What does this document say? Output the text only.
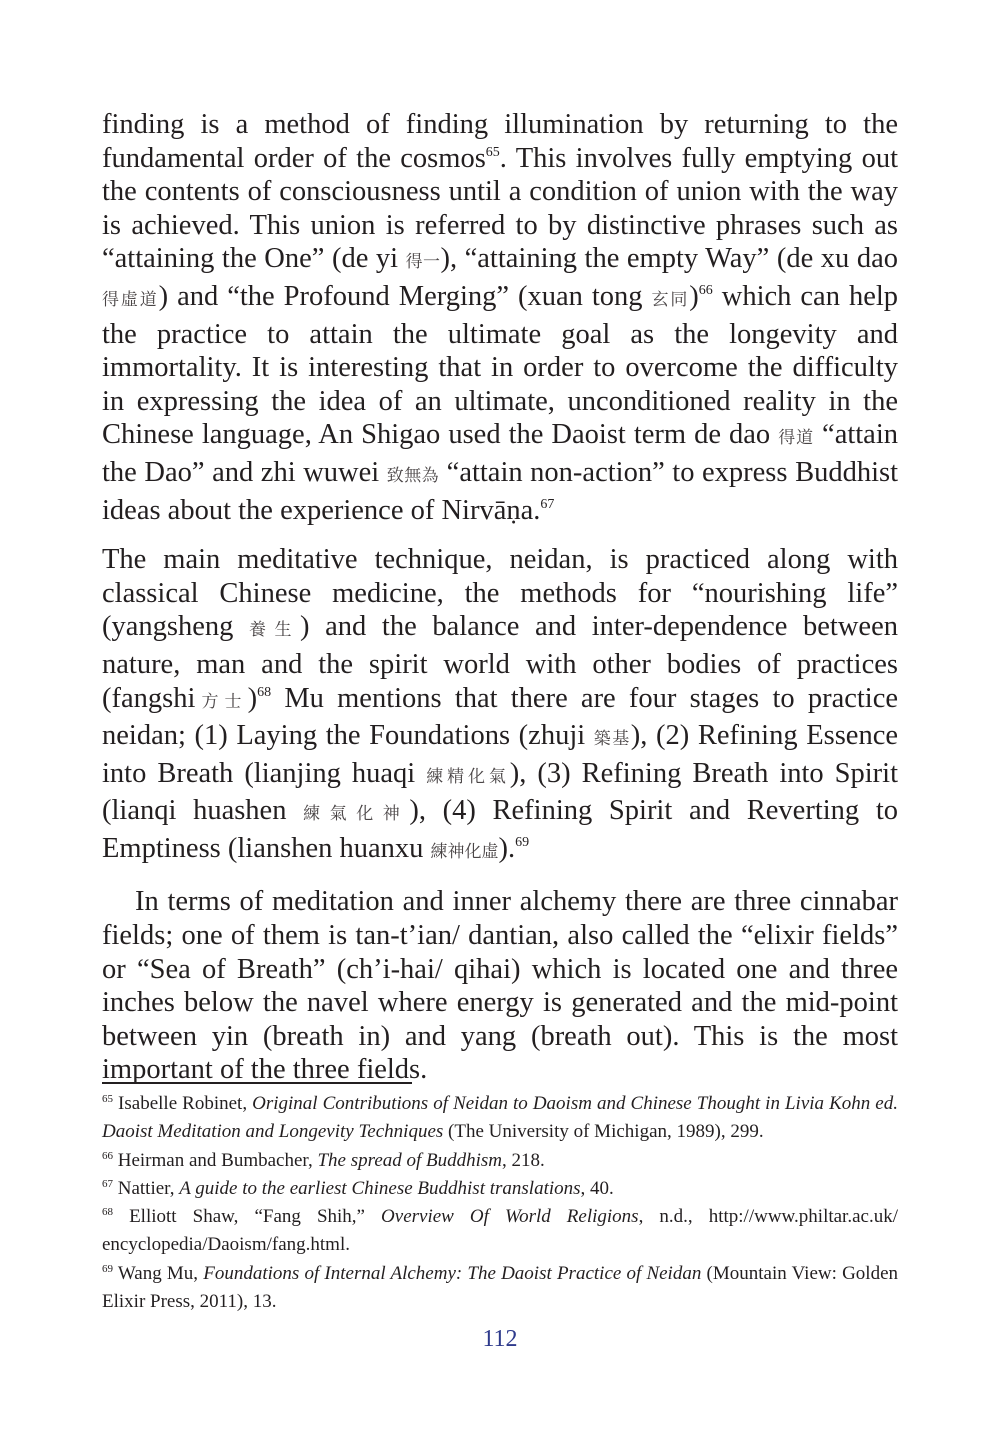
finding is a method of finding illumination by returning to the fundamental order of the cosmos$^{65}$. This involves fully emptying out the contents of consciousness until a condition of union with the way is achieved. This union is referred to by distinctive phrases such as “attaining the One” (de yi 得一), “attaining the empty Way” (de xu dao 得虛道) and “the Profound Merging” (xuan tong 玄同)$^{66}$ which can help the practice to attain the ultimate goal as the longevity and immortality. It is interesting that in order to overcome the difficulty in expressing the idea of an ultimate, unconditioned reality in the Chinese language, An Shigao used the Daoist term de dao 得道 “attain the Dao” and zhi wuwei 致無為 “attain non-action” to express Buddhist ideas about the experience of Nirvāṇa.$^{67}$

The main meditative technique, neidan, is practiced along with classical Chinese medicine, the methods for “nourishing life” (yangsheng 養生) and the balance and inter-dependence between nature, man and the spirit world with other bodies of practices (fangshi方士)$^{68}$ Mu mentions that there are four stages to practice neidan; (1) Laying the Foundations (zhuji 築基), (2) Refining Essence into Breath (lianjing huaqi 練精化氣), (3) Refining Breath into Spirit (lianqi huashen 練氣化神), (4) Refining Spirit and Reverting to Emptiness (lianshen huanxu 練神化虛).$^{69}$

In terms of meditation and inner alchemy there are three cinnabar fields; one of them is tan-t’ian/ dantian, also called the “elixir fields” or “Sea of Breath” (ch’i-hai/ qihai) which is located one and three inches below the navel where energy is generated and the mid-point between yin (breath in) and yang (breath out). This is the most important of the three fields.

$^{65}$ Isabelle Robinet, Original Contributions of Neidan to Daoism and Chinese Thought in Livia Kohn ed. Daoist Meditation and Longevity Techniques (The University of Michigan, 1989), 299.

$^{66}$ Heirman and Bumbacher, The spread of Buddhism, 218.

$^{67}$ Nattier, A guide to the earliest Chinese Buddhist translations, 40.

$^{68}$ Elliott Shaw, “Fang Shih,” Overview Of World Religions, n.d., http://www.philtar.ac.uk/ encyclopedia/Daoism/fang.html.

$^{69}$ Wang Mu, Foundations of Internal Alchemy: The Daoist Practice of Neidan (Mountain View: Golden Elixir Press, 2011), 13.

112
